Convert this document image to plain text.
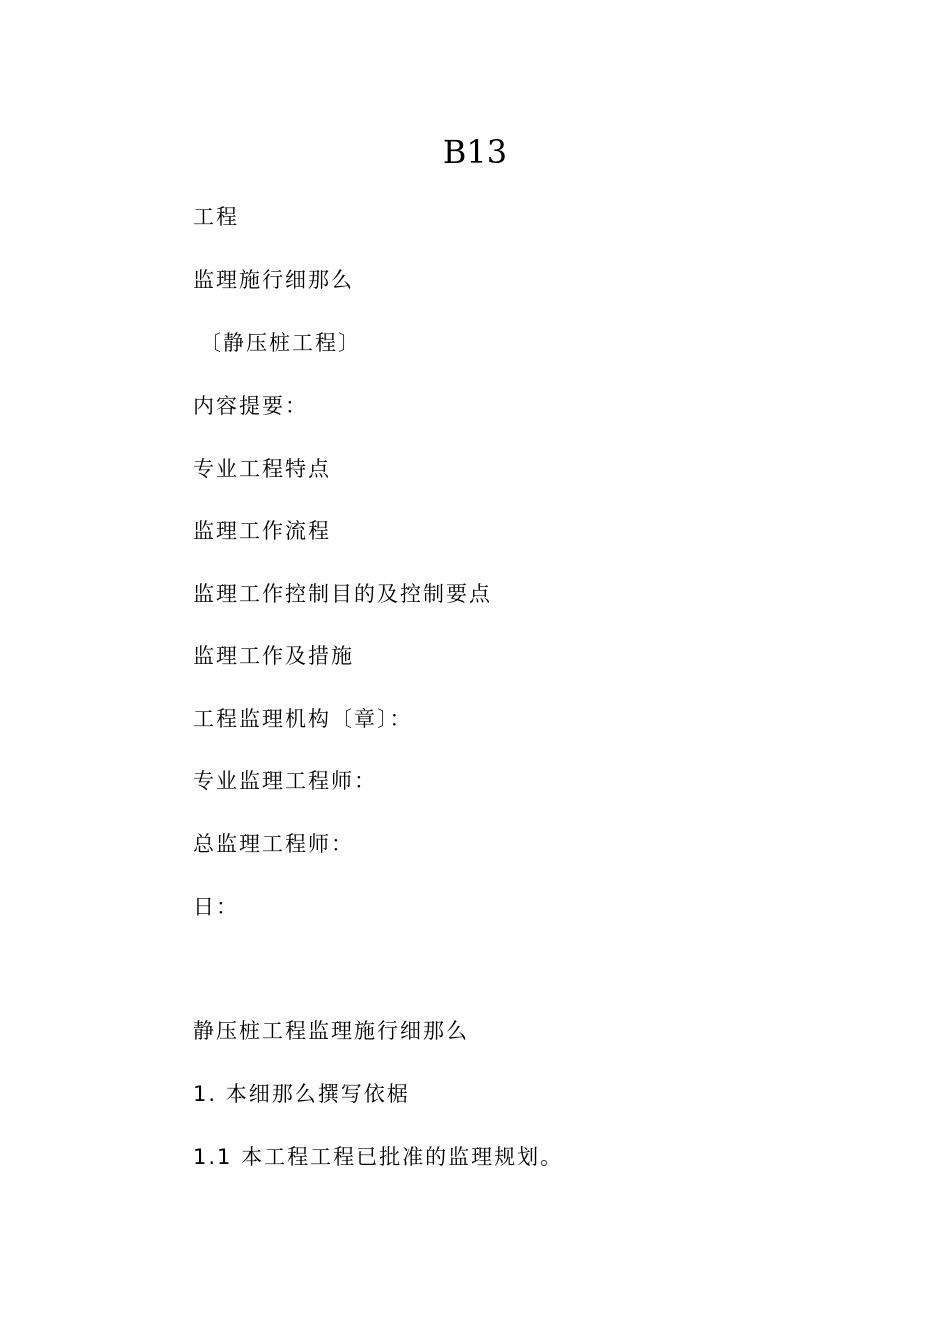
B13
工程
监理施行细那么
〔静压桩工程〕
内容提要：
专业工程特点
监理工作流程
监理工作控制目的及控制要点
监理工作及措施
工程监理机构〔章〕：
专业监理工程师：
总监理工程师：
日：
静压桩工程监理施行细那么
1. 本细那么撰写依椐
1.1 本工程工程已批准的监理规划。
